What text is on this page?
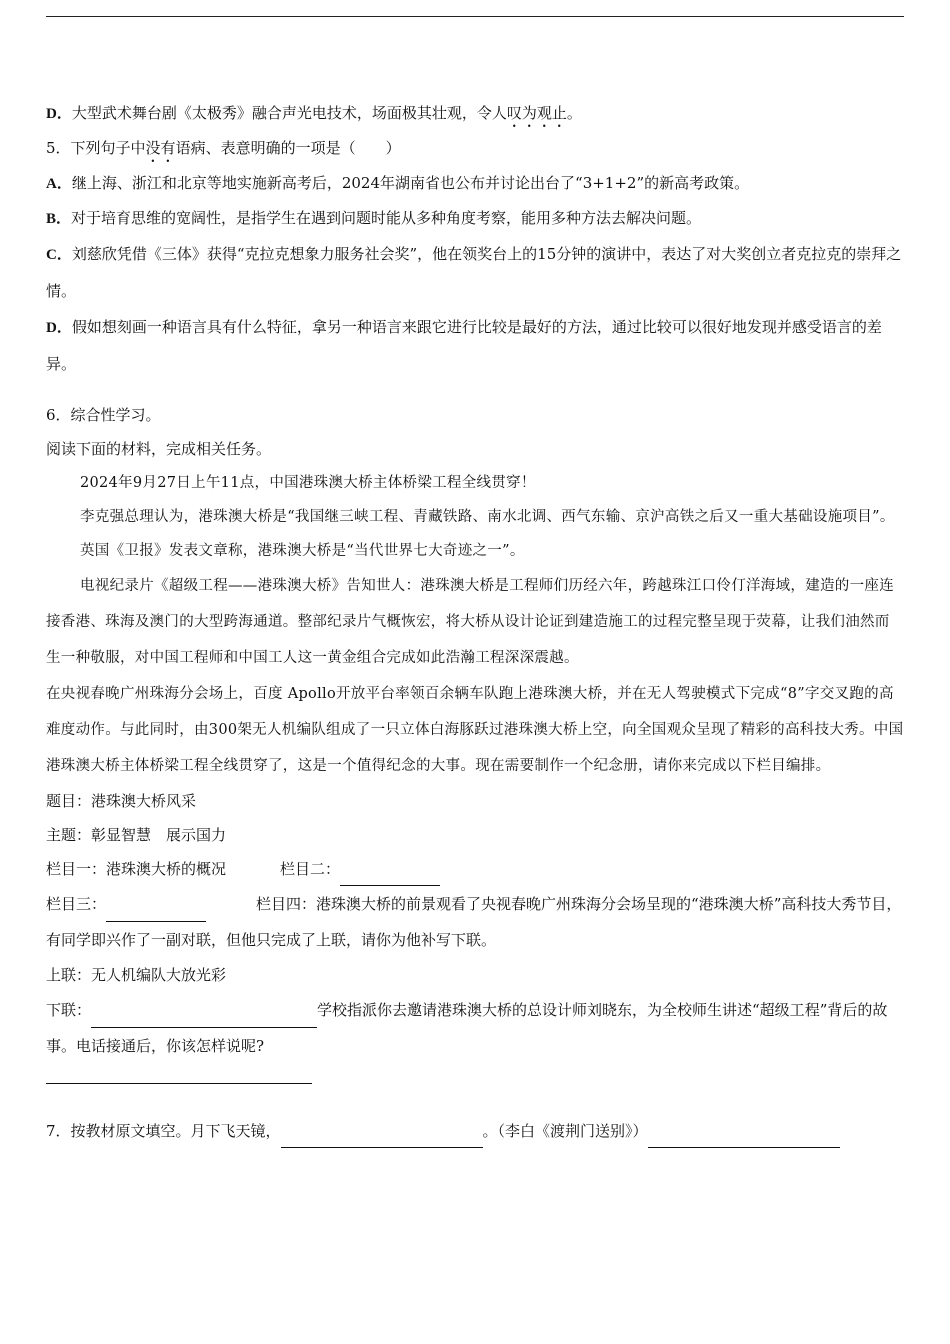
D．大型武术舞台剧《太极秀》融合声光电技术，场面极其壮观，令人叹为观止。

5．下列句子中没有语病、表意明确的一项是（　　）

A．继上海、浙江和北京等地实施新高考后，2024年湖南省也公布并讨论出台了“3+1+2”的新高考政策。

B．对于培育思维的宽阔性，是指学生在遇到问题时能从多种角度考察，能用多种方法去解决问题。

C．刘慈欣凭借《三体》获得“克拉克想象力服务社会奖”，他在领奖台上的15分钟的演讲中，表达了对大奖创立者克拉克的崇拜之情。

D．假如想刻画一种语言具有什么特征，拿另一种语言来跟它进行比较是最好的方法，通过比较可以很好地发现并感受语言的差异。

6．综合性学习。

阅读下面的材料，完成相关任务。

2024年9月27日上午11点，中国港珠澳大桥主体桥梁工程全线贯穿！

李克强总理认为，港珠澳大桥是“我国继三峡工程、青藏铁路、南水北调、西气东输、京沪高铁之后又一重大基础设施项目”。

英国《卫报》发表文章称，港珠澳大桥是“当代世界七大奇迹之一”。

电视纪录片《超级工程——港珠澳大桥》告知世人：港珠澳大桥是工程师们历经六年，跨越珠江口伶仃洋海域，建造的一座连接香港、珠海及澳门的大型跨海通道。整部纪录片气概恢宏，将大桥从设计论证到建造施工的过程完整呈现于荧幕，让我们油然而生一种敬服，对中国工程师和中国工人这一黄金组合完成如此浩瀚工程深深震越。

在央视春晚广州珠海分会场上，百度 Apollo开放平台率领百余辆车队跑上港珠澳大桥，并在无人驾驶模式下完成“8”字交叉跑的高难度动作。与此同时，由300架无人机编队组成了一只立体白海豚跃过港珠澳大桥上空，向全国观众呈现了精彩的高科技大秀。中国港珠澳大桥主体桥梁工程全线贯穿了，这是一个值得纪念的大事。现在需要制作一个纪念册，请你来完成以下栏目编排。

题目：港珠澳大桥风采

主题：彰显智慧　展示国力

栏目一：港珠澳大桥的概况	栏目二：

栏目三：	栏目四：港珠澳大桥的前景观看了央视春晚广州珠海分会场呈现的“港珠澳大桥”高科技大秀节目，有同学即兴作了一副对联，但他只完成了上联，请你为他补写下联。

上联：无人机编队大放光彩

下联：	学校指派你去邀请港珠澳大桥的总设计师刘晓东，为全校师生讲述“超级工程”背后的故事。电话接通后，你该怎样说呢?

7．按教材原文填空。月下飞天镜，	。（李白《渡荆门送别》）
